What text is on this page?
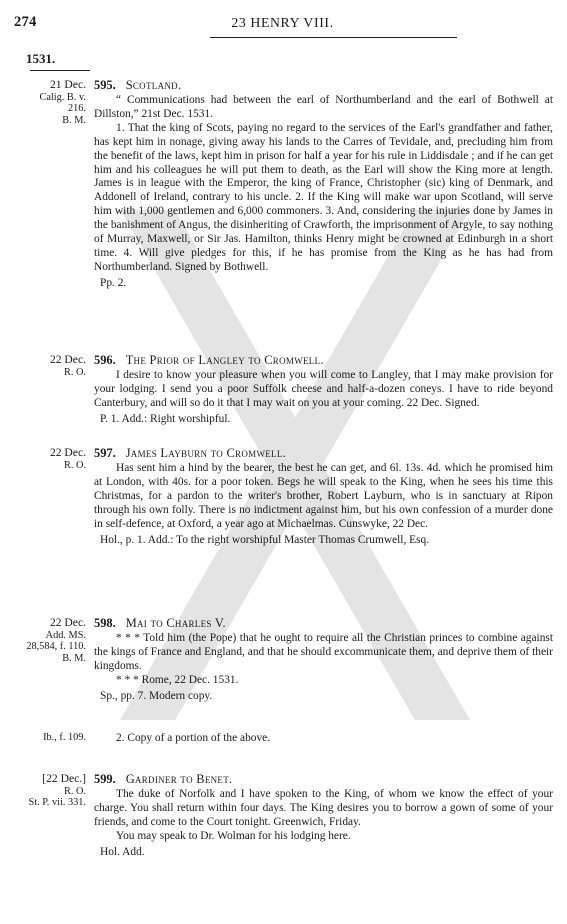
274	23 HENRY VIII.
1531.
21 Dec.
Calig. B. v.
216.
B. M.

595. Scotland.

“ Communications had between the earl of Northumberland and the earl of Bothwell at Dillston,” 21st Dec. 1531.

1. That the king of Scots, paying no regard to the services of the Earl's grandfather and father, has kept him in nonage, giving away his lands to the Carres of Tevidale, and, precluding him from the benefit of the laws, kept him in prison for half a year for his rule in Liddisdale ; and if he can get him and his colleagues he will put them to death, as the Earl will show the King more at length. James is in league with the Emperor, the king of France, Christopher (sic) king of Denmark, and Addonell of Ireland, contrary to his uncle. 2. If the King will make war upon Scotland, will serve him with 1,000 gentlemen and 6,000 commoners. 3. And, considering the injuries done by James in the banishment of Angus, the disinheriting of Crawforth, the imprisonment of Argyle, to say nothing of Murray, Maxwell, or Sir Jas. Hamilton, thinks Henry might be crowned at Edinburgh in a short time. 4. Will give pledges for this, if he has promise from the King as he has had from Northumberland. Signed by Bothwell.

Pp. 2.

22 Dec.
R. O.

596. The Prior of Langley to Cromwell.

I desire to know your pleasure when you will come to Langley, that I may make provision for your lodging. I send you a poor Suffolk cheese and half-a-dozen coneys. I have to ride beyond Canterbury, and will so do it that I may wait on you at your coming. 22 Dec. Signed.

P. 1. Add.: Right worshipful.

22 Dec.
R. O.

597. James Layburn to Cromwell.

Has sent him a hind by the bearer, the best he can get, and 6l. 13s. 4d. which he promised him at London, with 40s. for a poor token. Begs he will speak to the King, when he sees his time this Christmas, for a pardon to the writer's brother, Robert Layburn, who is in sanctuary at Ripon through his own folly. There is no indictment against him, but his own confession of a murder done in self-defence, at Oxford, a year ago at Michaelmas. Cunswyke, 22 Dec.

Hol., p. 1. Add.: To the right worshipful Master Thomas Crumwell, Esq.

22 Dec.
Add. MS.
28,584, f. 110.
B. M.

598. Mai to Charles V.

* * * Told him (the Pope) that he ought to require all the Christian princes to combine against the kings of France and England, and that he should excommunicate them, and deprive them of their kingdoms.

* * * Rome, 22 Dec. 1531.

Sp., pp. 7. Modern copy.

Ib., f. 109.	2. Copy of a portion of the above.

[22 Dec.]
R. O.
St. P. vii. 331.

599. Gardiner to Benet.

The duke of Norfolk and I have spoken to the King, of whom we know the effect of your charge. You shall return within four days. The King desires you to borrow a gown of some of your friends, and come to the Court tonight. Greenwich, Friday.

You may speak to Dr. Wolman for his lodging here.

Hol. Add.
